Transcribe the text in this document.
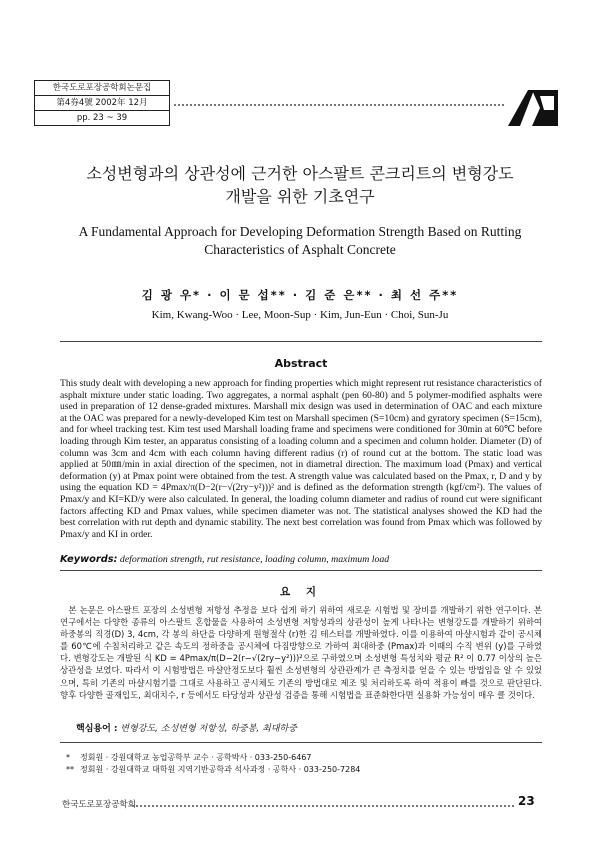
한국도로포장공학회논문집
第4券4號 2002年 12月
pp. 23 ~ 39
소성변형과의 상관성에 근거한 아스팔트 콘크리트의 변형강도
개발을 위한 기초연구
A Fundamental Approach for Developing Deformation Strength Based on Rutting
Characteristics of Asphalt Concrete
김 광 우* · 이 문 섭** · 김 준 은** · 최 선 주**
Kim, Kwang-Woo · Lee, Moon-Sup · Kim, Jun-Eun · Choi, Sun-Ju
Abstract

This study dealt with developing a new approach for finding properties which might represent rut resistance characteristics of asphalt mixture under static loading. Two aggregates, a normal asphalt (pen 60-80) and 5 polymer-modified asphalts were used in preparation of 12 dense-graded mixtures. Marshall mix design was used in determination of OAC and each mixture at the OAC was prepared for a newly-developed Kim test on Marshall specimen (S=10cm) and gyratory specimen (S=15cm), and for wheel tracking test. Kim test used Marshall loading frame and specimens were conditioned for 30min at 60℃ before loading through Kim tester, an apparatus consisting of a loading column and a specimen and column holder. Diameter (D) of column was 3cm and 4cm with each column having different radius (r) of round cut at the bottom. The static load was applied at 50㎜/min in axial direction of the specimen, not in diametral direction. The maximum load (Pmax) and vertical deformation (y) at Pmax point were obtained from the test. A strength value was calculated based on the Pmax, r, D and y by using the equation KD = 4Pmax/π(D−2(r−√(2ry−y²)))² and is defined as the deformation strength (kgf/cm²). The values of Pmax/y and KI=KD/y were also calculated. In general, the loading column diameter and radius of round cut were significant factors affecting KD and Pmax values, while specimen diameter was not. The statistical analyses showed the KD had the best correlation with rut depth and dynamic stability. The next best correlation was found from Pmax which was followed by Pmax/y and KI in order.

Keywords: deformation strength, rut resistance, loading column, maximum load
요 지

본 논문은 아스팔트 포장의 소성변형 저항성 추정을 보다 쉽게 하기 위하여 새로운 시험법 및 장비를 개발하기 위한 연구이다. 본 연구에서는 다양한 종류의 아스팔트 혼합물을 사용하여 소성변형 저항성과의 상관성이 높게 나타나는 변형강도를 개발하기 위하여 하중봉의 직경(D) 3, 4cm, 각 봉의 하단을 다양하게 원형절삭 (r)한 김 테스터를 개발하였다. 이를 이용하여 마샬시험과 같이 공시체를 60℃에 수침처리하고 같은 속도의 정하중을 공시체에 다짐방향으로 가하여 최대하중 (Pmax)과 이때의 수직 변위 (y)를 구하였다. 변형강도는 개발된 식 KD = 4Pmax/π(D−2(r−√(2ry−y²)))²으로 구하였으며 소성변형 특성치와 평균 R² 이 0.77 이상의 높은 상관성을 보였다. 따라서 이 시험방법은 마샬안정도보다 훨씬 소성변형의 상관관계가 큰 측정치를 얻을 수 있는 방법임을 알 수 있었으며, 특히 기존의 마샬시험기를 그대로 사용하고 공시체도 기존의 방법대로 제조 및 처리하도록 하여 적용이 빠를 것으로 판단된다. 향후 다양한 골재입도, 최대치수, r 등에서도 타당성과 상관성 검증을 통해 시험법을 표준화한다면 실용화 가능성이 매우 클 것이다.

핵심용어 : 변형강도, 소성변형 저항성, 하중봉, 최대하중
* 정회원 · 강원대학교 농업공학부 교수 · 공학박사 · 033-250-6467
** 정회원 · 강원대학교 대학원 지역기반공학과 석사과정 · 공학사 · 033-250-7284
한국도로포장공학회	23
